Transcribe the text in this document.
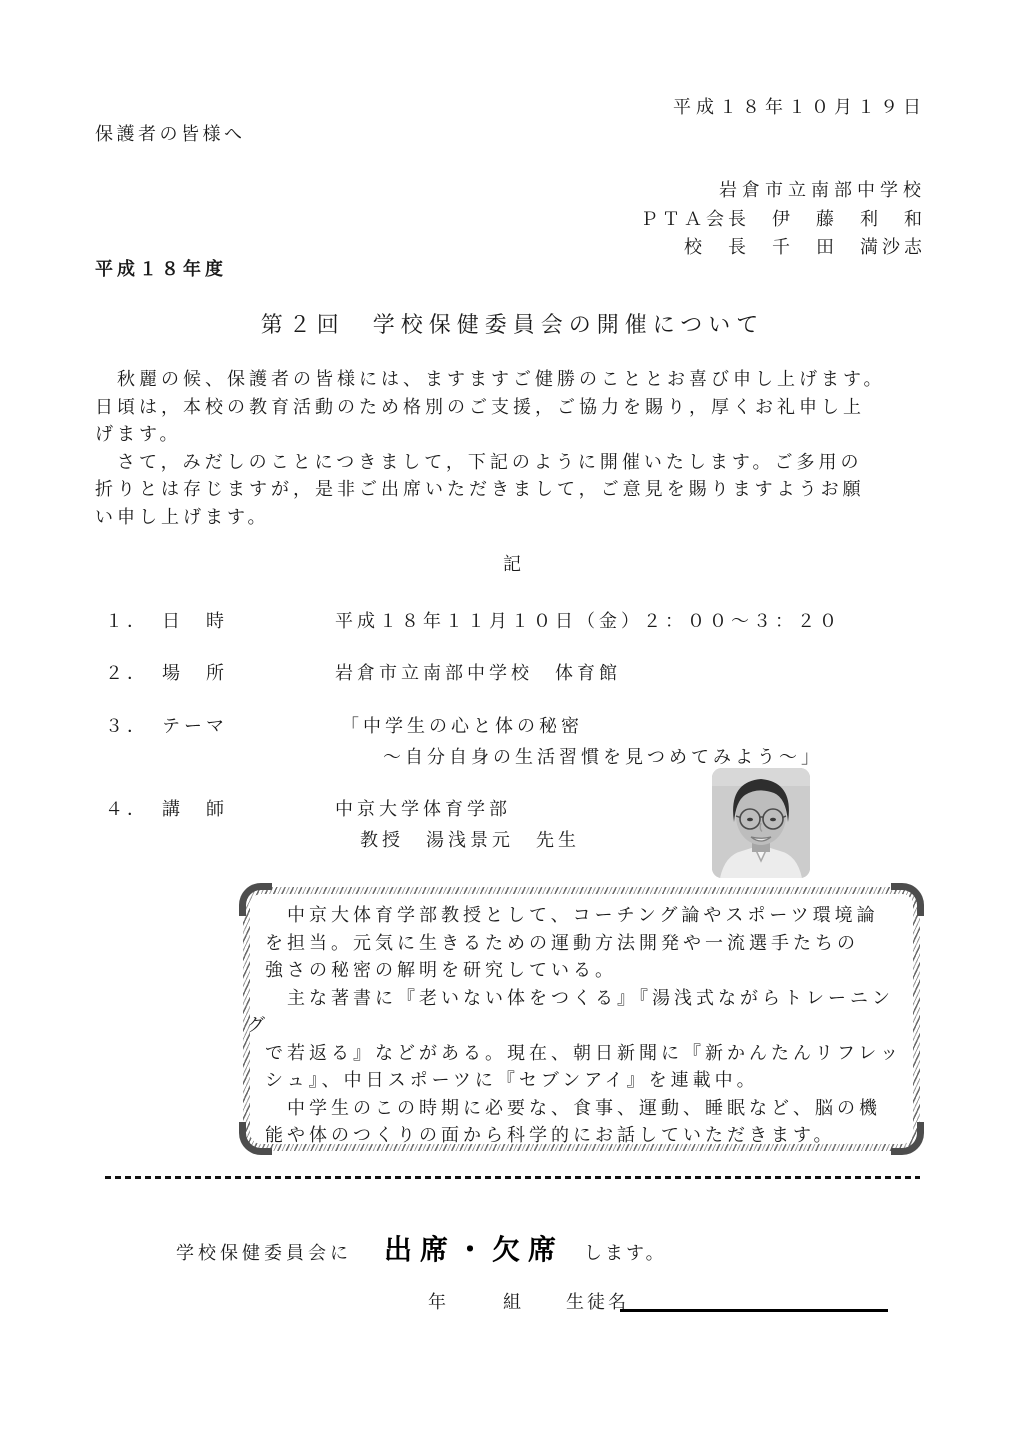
平成１８年１０月１９日
保護者の皆様へ
岩倉市立南部中学校
ＰＴＡ会長　伊　藤　利　和
校　長　千　田　満沙志
平成１８年度
第２回　学校保健委員会の開催について
　秋麗の候、保護者の皆様には、ますますご健勝のこととお喜び申し上げます。
日頃は，本校の教育活動のため格別のご支援，ご協力を賜り，厚くお礼申し上
げます。
　さて，みだしのことにつきまして，下記のように開催いたします。ご多用の
折りとは存じますが，是非ご出席いただきまして，ご意見を賜りますようお願
い申し上げます。
記
１．　日　時	平成１８年１１月１０日（金）２：００～３：２０
２．　場　所	岩倉市立南部中学校　体育館
３．　テーマ	「中学生の心と体の秘密
～自分自身の生活習慣を見つめてみよう～」
４．　講　師	中京大学体育学部
教授　湯浅景元　先生
　中京大体育学部教授として、コーチング論やスポーツ環境論
を担当。元気に生きるための運動方法開発や一流選手たちの
強さの秘密の解明を研究している。
　主な著書に『老いない体をつくる』『湯浅式ながらトレーニン
グ
で若返る』などがある。現在、朝日新聞に『新かんたんリフレッ
シュ』、中日スポーツに『セブンアイ』を連載中。
　中学生のこの時期に必要な、食事、運動、睡眠など、脳の機
能や体のつくりの面から科学的にお話していただきます。
学校保健委員会に 出席・欠席 します。
年	組 生徒名
